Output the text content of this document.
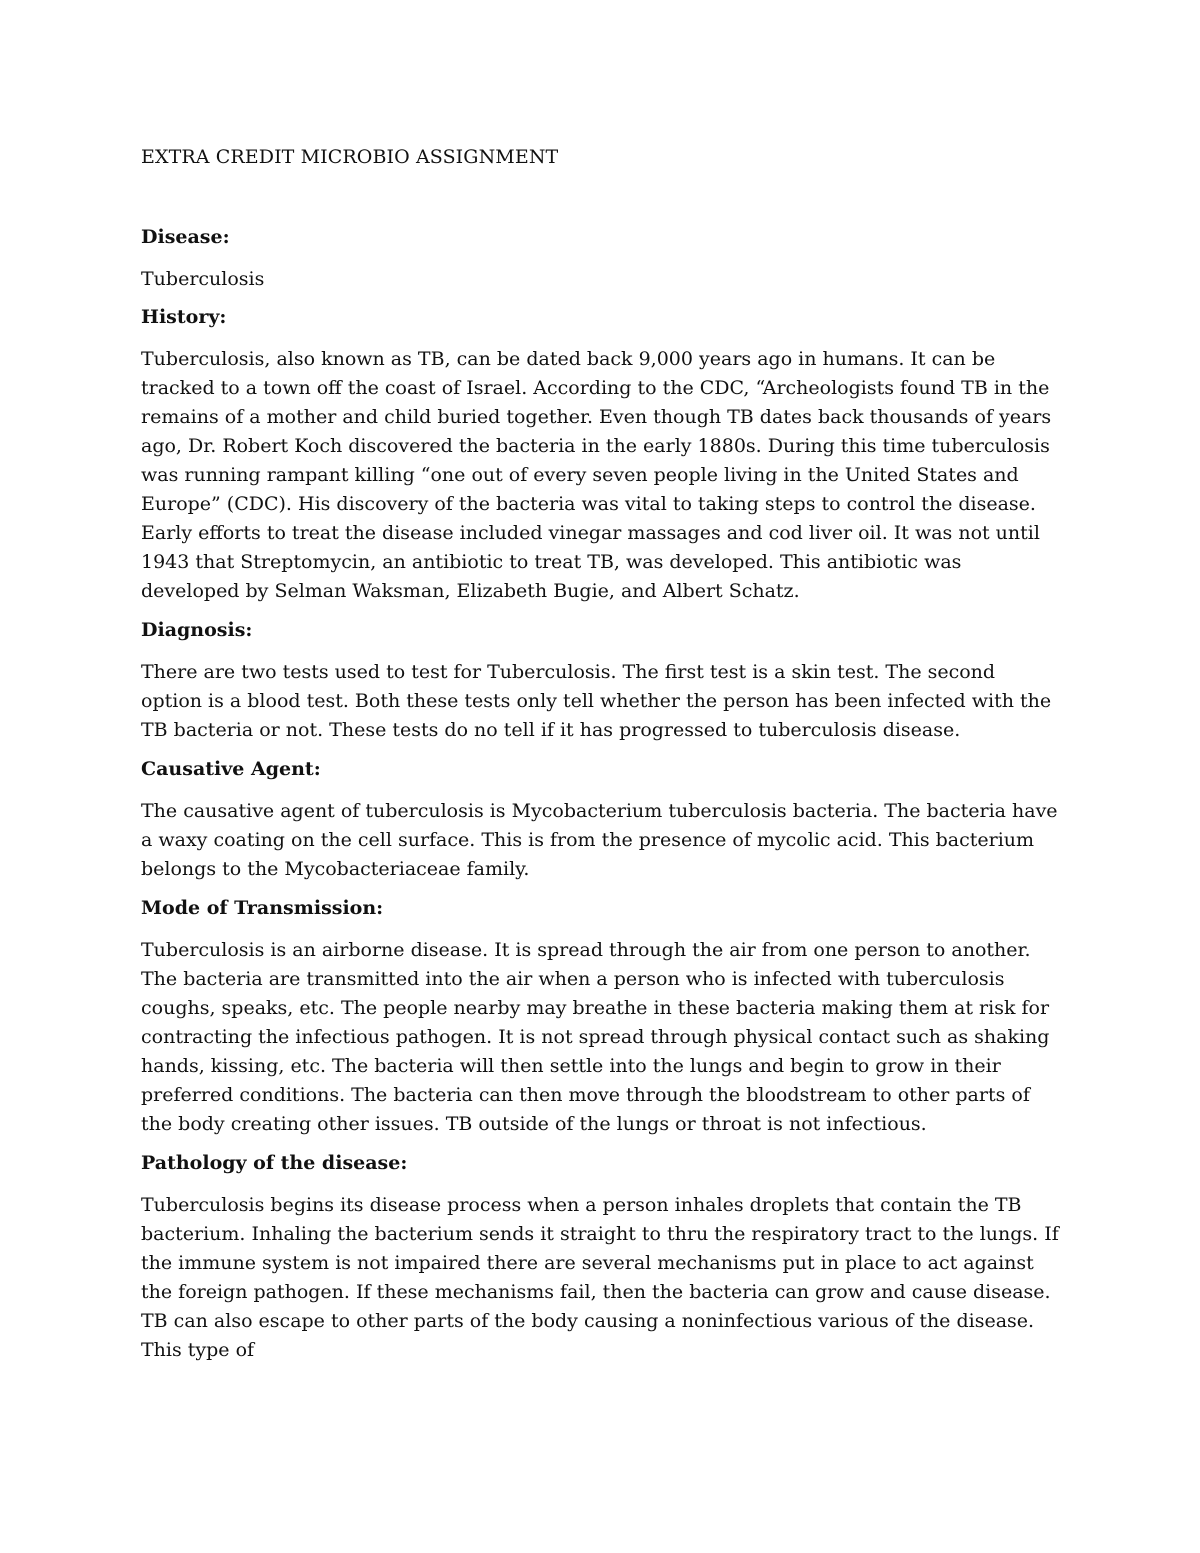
EXTRA CREDIT MICROBIO ASSIGNMENT
Disease:

Tuberculosis

History:

Tuberculosis, also known as TB, can be dated back 9,000 years ago in humans. It can be tracked to a town off the coast of Israel. According to the CDC, “Archeologists found TB in the remains of a mother and child buried together. Even though TB dates back thousands of years ago, Dr. Robert Koch discovered the bacteria in the early 1880s. During this time tuberculosis was running rampant killing “one out of every seven people living in the United States and Europe” (CDC). His discovery of the bacteria was vital to taking steps to control the disease. Early efforts to treat the disease included vinegar massages and cod liver oil. It was not until 1943 that Streptomycin, an antibiotic to treat TB, was developed. This antibiotic was developed by Selman Waksman, Elizabeth Bugie, and Albert Schatz.

Diagnosis:

There are two tests used to test for Tuberculosis. The first test is a skin test. The second option is a blood test. Both these tests only tell whether the person has been infected with the TB bacteria or not. These tests do no tell if it has progressed to tuberculosis disease.

Causative Agent:

The causative agent of tuberculosis is Mycobacterium tuberculosis bacteria. The bacteria have a waxy coating on the cell surface. This is from the presence of mycolic acid. This bacterium belongs to the Mycobacteriaceae family.

Mode of Transmission:

Tuberculosis is an airborne disease. It is spread through the air from one person to another. The bacteria are transmitted into the air when a person who is infected with tuberculosis coughs, speaks, etc. The people nearby may breathe in these bacteria making them at risk for contracting the infectious pathogen. It is not spread through physical contact such as shaking hands, kissing, etc. The bacteria will then settle into the lungs and begin to grow in their preferred conditions. The bacteria can then move through the bloodstream to other parts of the body creating other issues. TB outside of the lungs or throat is not infectious.

Pathology of the disease:

Tuberculosis begins its disease process when a person inhales droplets that contain the TB bacterium. Inhaling the bacterium sends it straight to thru the respiratory tract to the lungs. If the immune system is not impaired there are several mechanisms put in place to act against the foreign pathogen. If these mechanisms fail, then the bacteria can grow and cause disease. TB can also escape to other parts of the body causing a noninfectious various of the disease. This type of
